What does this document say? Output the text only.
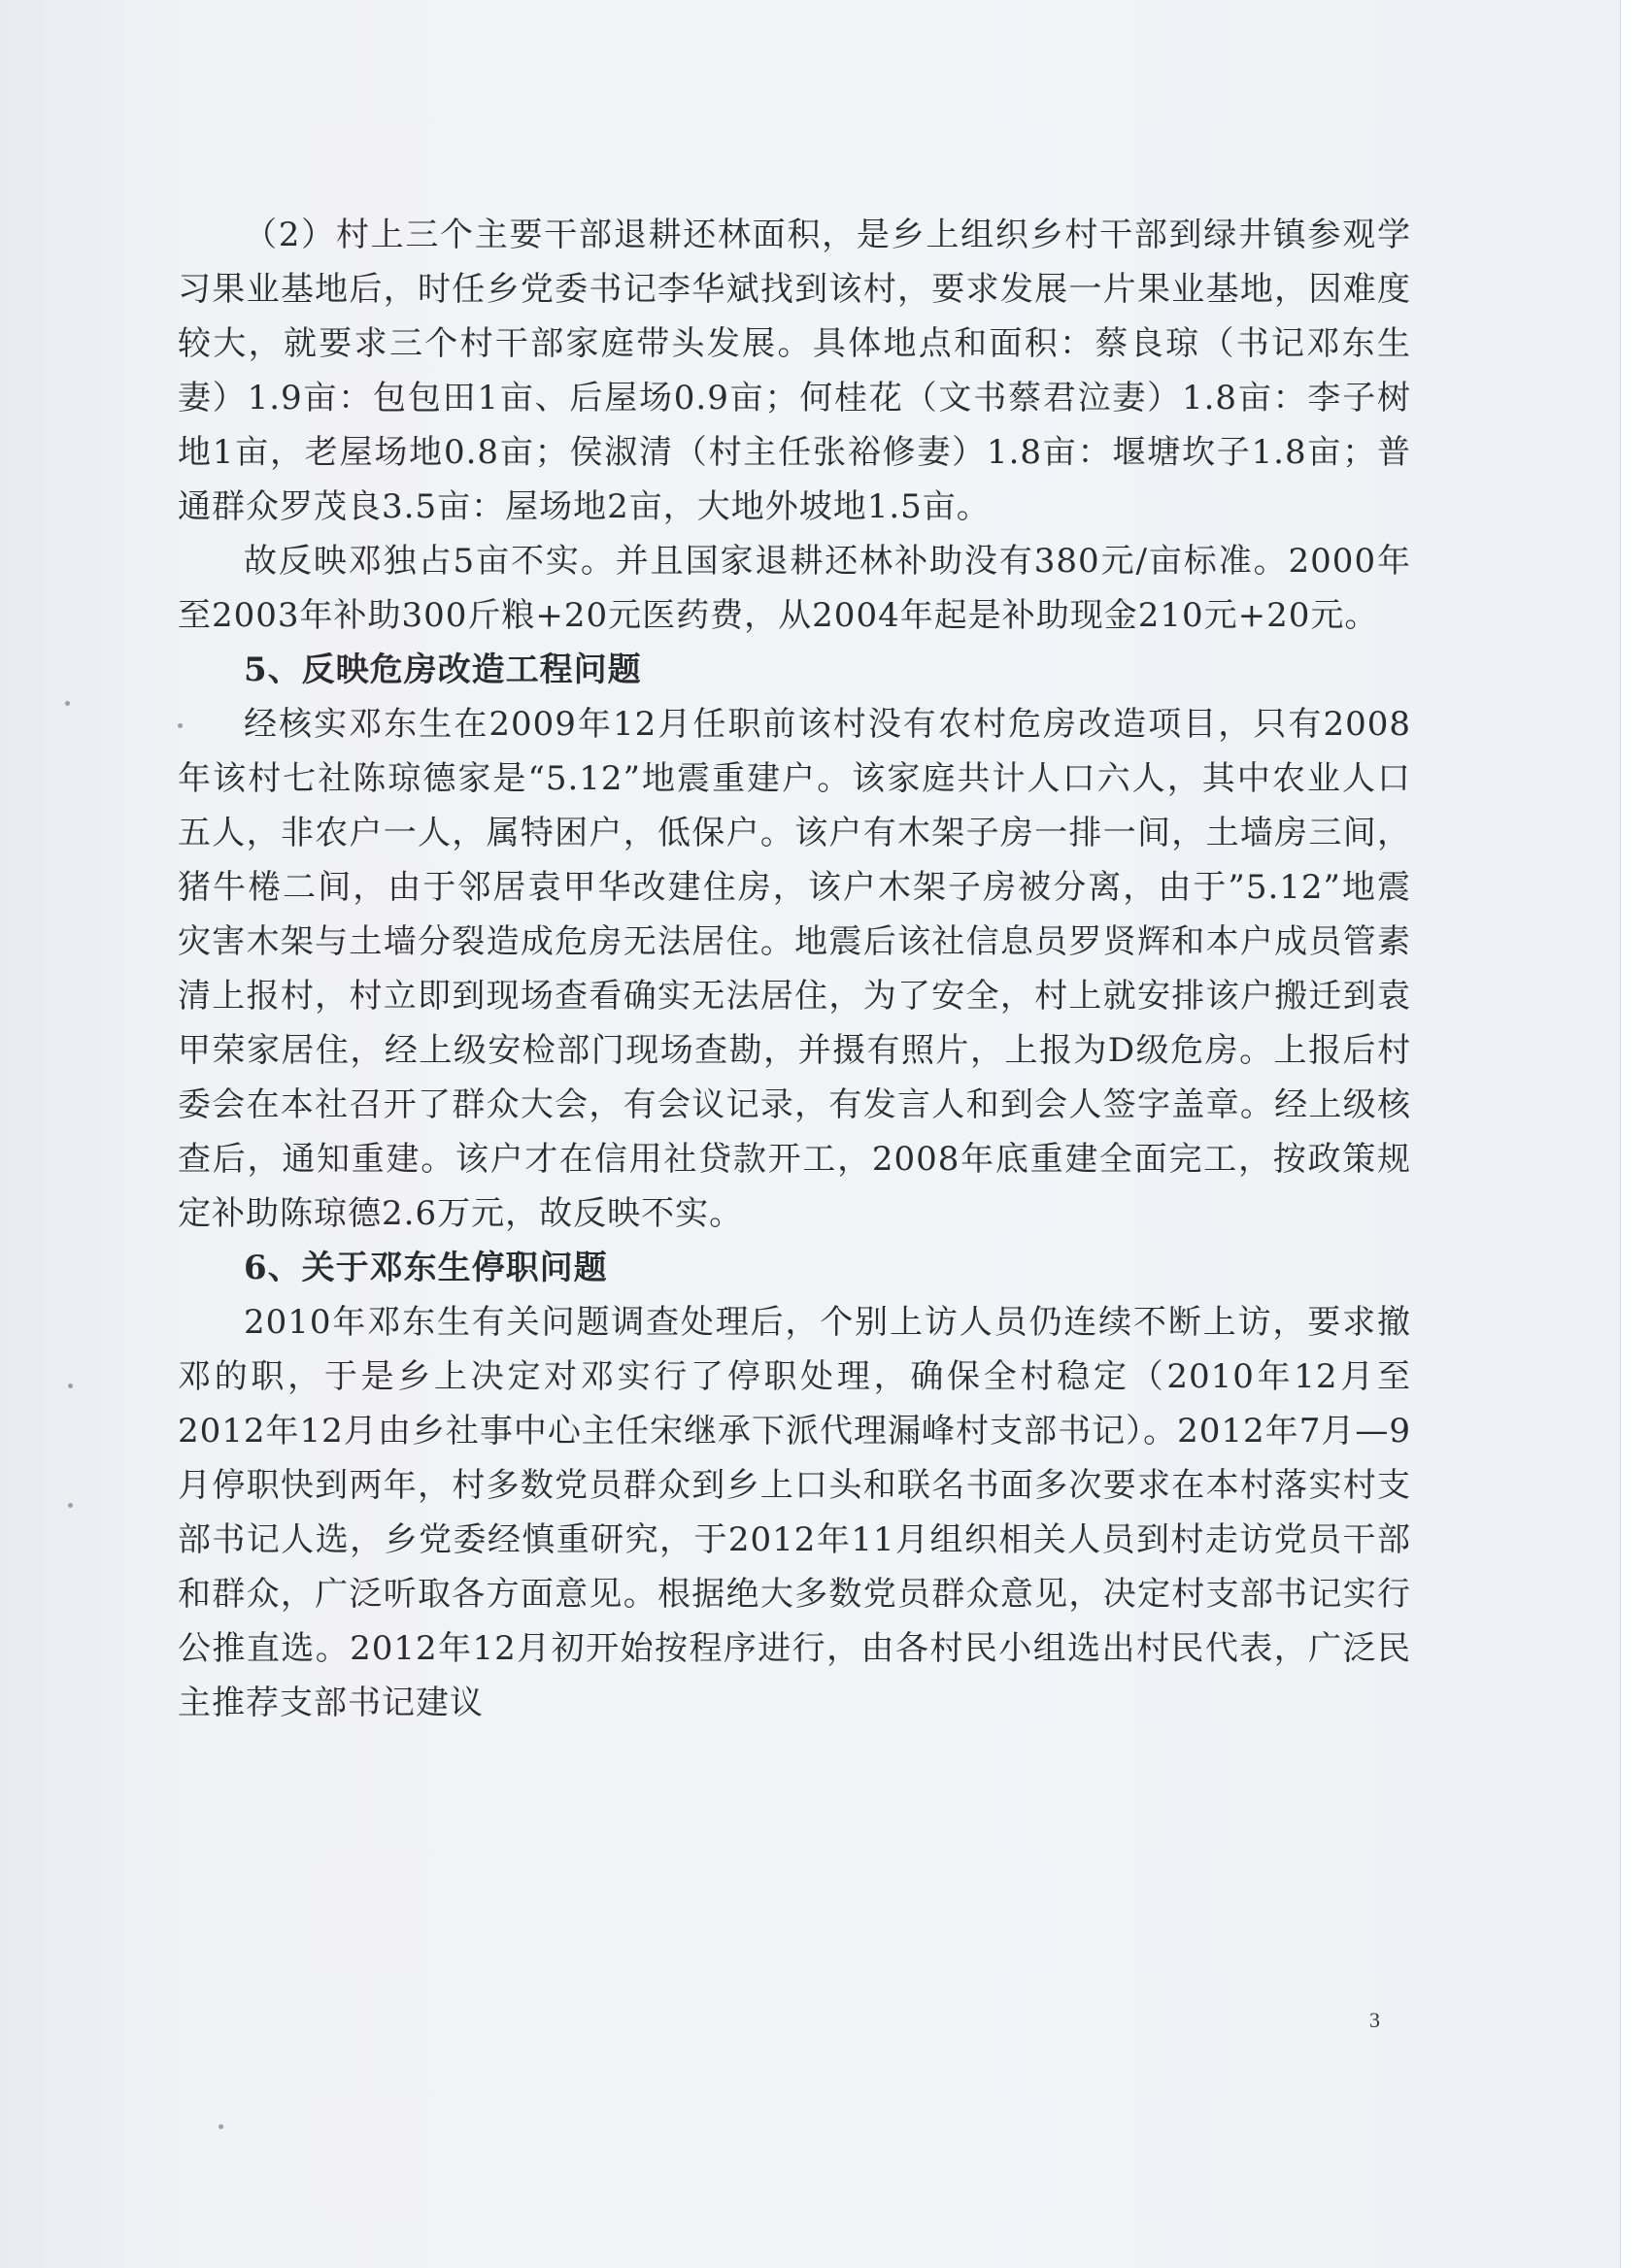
（2）村上三个主要干部退耕还林面积，是乡上组织乡村干部到绿井镇参观学习果业基地后，时任乡党委书记李华斌找到该村，要求发展一片果业基地，因难度较大，就要求三个村干部家庭带头发展。具体地点和面积：蔡良琼（书记邓东生妻）1.9亩：包包田1亩、后屋场0.9亩；何桂花（文书蔡君泣妻）1.8亩：李子树地1亩，老屋场地0.8亩；侯淑清（村主任张裕修妻）1.8亩：堰塘坎子1.8亩；普通群众罗茂良3.5亩：屋场地2亩，大地外坡地1.5亩。

故反映邓独占5亩不实。并且国家退耕还林补助没有380元/亩标准。2000年至2003年补助300斤粮+20元医药费，从2004年起是补助现金210元+20元。

5、反映危房改造工程问题

经核实邓东生在2009年12月任职前该村没有农村危房改造项目，只有2008年该村七社陈琼德家是“5.12”地震重建户。该家庭共计人口六人，其中农业人口五人，非农户一人，属特困户，低保户。该户有木架子房一排一间，土墙房三间，猪牛棬二间，由于邻居袁甲华改建住房，该户木架子房被分离，由于”5.12”地震灾害木架与土墙分裂造成危房无法居住。地震后该社信息员罗贤辉和本户成员管素清上报村，村立即到现场查看确实无法居住，为了安全，村上就安排该户搬迁到袁甲荣家居住，经上级安检部门现场查勘，并摄有照片，上报为D级危房。上报后村委会在本社召开了群众大会，有会议记录，有发言人和到会人签字盖章。经上级核查后，通知重建。该户才在信用社贷款开工，2008年底重建全面完工，按政策规定补助陈琼德2.6万元，故反映不实。

6、关于邓东生停职问题

2010年邓东生有关问题调查处理后，个别上访人员仍连续不断上访，要求撤邓的职，于是乡上决定对邓实行了停职处理，确保全村稳定（2010年12月至2012年12月由乡社事中心主任宋继承下派代理漏峰村支部书记）。2012年7月—9月停职快到两年，村多数党员群众到乡上口头和联名书面多次要求在本村落实村支部书记人选，乡党委经慎重研究，于2012年11月组织相关人员到村走访党员干部和群众，广泛听取各方面意见。根据绝大多数党员群众意见，决定村支部书记实行公推直选。2012年12月初开始按程序进行，由各村民小组选出村民代表，广泛民主推荐支部书记建议

3
